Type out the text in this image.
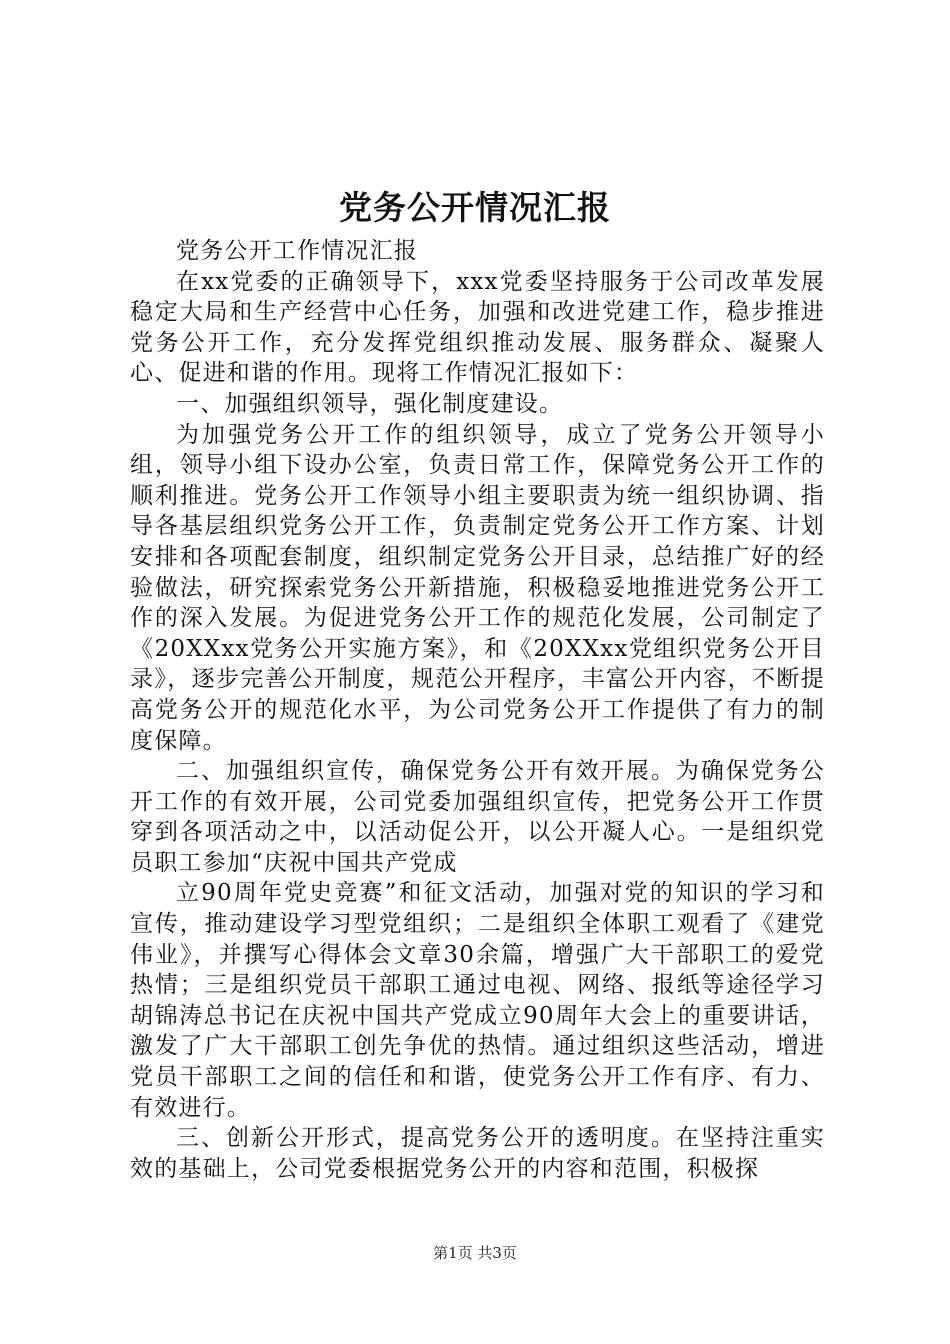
党务公开情况汇报

党务公开工作情况汇报

在xx党委的正确领导下，xxx党委坚持服务于公司改革发展稳定大局和生产经营中心任务，加强和改进党建工作，稳步推进党务公开工作，充分发挥党组织推动发展、服务群众、凝聚人心、促进和谐的作用。现将工作情况汇报如下：

一、加强组织领导，强化制度建设。

为加强党务公开工作的组织领导，成立了党务公开领导小组，领导小组下设办公室，负责日常工作，保障党务公开工作的顺利推进。党务公开工作领导小组主要职责为统一组织协调、指导各基层组织党务公开工作，负责制定党务公开工作方案、计划安排和各项配套制度，组织制定党务公开目录，总结推广好的经验做法，研究探索党务公开新措施，积极稳妥地推进党务公开工作的深入发展。为促进党务公开工作的规范化发展，公司制定了《20XXxx党务公开实施方案》，和《20XXxx党组织党务公开目录》，逐步完善公开制度，规范公开程序，丰富公开内容，不断提高党务公开的规范化水平，为公司党务公开工作提供了有力的制度保障。

二、加强组织宣传，确保党务公开有效开展。为确保党务公开工作的有效开展，公司党委加强组织宣传，把党务公开工作贯穿到各项活动之中，以活动促公开，以公开凝人心。一是组织党员职工参加“庆祝中国共产党成

立90周年党史竞赛”和征文活动，加强对党的知识的学习和宣传，推动建设学习型党组织；二是组织全体职工观看了《建党伟业》，并撰写心得体会文章30余篇，增强广大干部职工的爱党热情；三是组织党员干部职工通过电视、网络、报纸等途径学习胡锦涛总书记在庆祝中国共产党成立90周年大会上的重要讲话，激发了广大干部职工创先争优的热情。通过组织这些活动，增进党员干部职工之间的信任和和谐，使党务公开工作有序、有力、有效进行。

三、创新公开形式，提高党务公开的透明度。在坚持注重实效的基础上，公司党委根据党务公开的内容和范围，积极探

第1页 共3页
